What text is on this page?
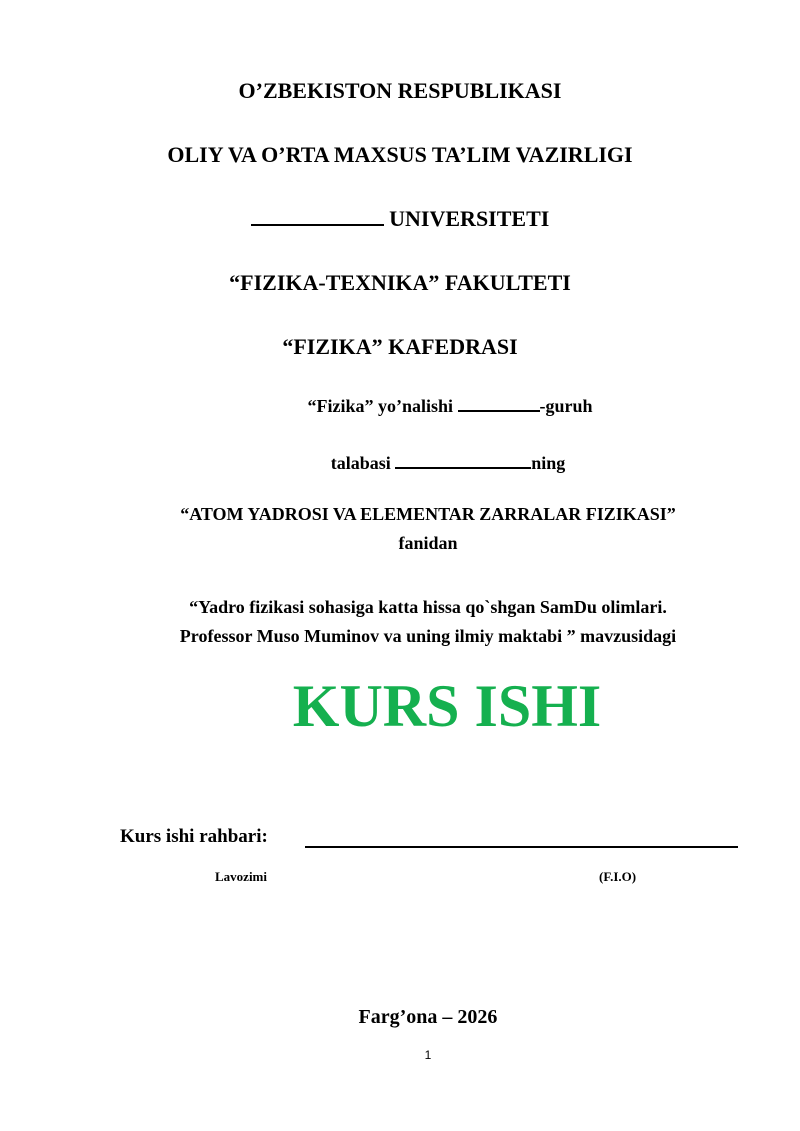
O’ZBEKISTON RESPUBLIKASI
OLIY VA O’RTA MAXSUS TA’LIM VAZIRLIGI
UNIVERSITETI
“FIZIKA-TEXNIKA” FAKULTETI
“FIZIKA” KAFEDRASI
“Fizika” yo’nalishi	-guruh
talabasi	ning
“ATOM YADROSI VA ELEMENTAR ZARRALAR FIZIKASI”
fanidan
“Yadro fizikasi sohasiga katta hissa qo`shgan SamDu olimlari.
Professor Muso Muminov va uning ilmiy maktabi ” mavzusidagi
KURS ISHI
Kurs ishi rahbari:
Lavozimi	(F.I.O)
Farg’ona – 2026
1
